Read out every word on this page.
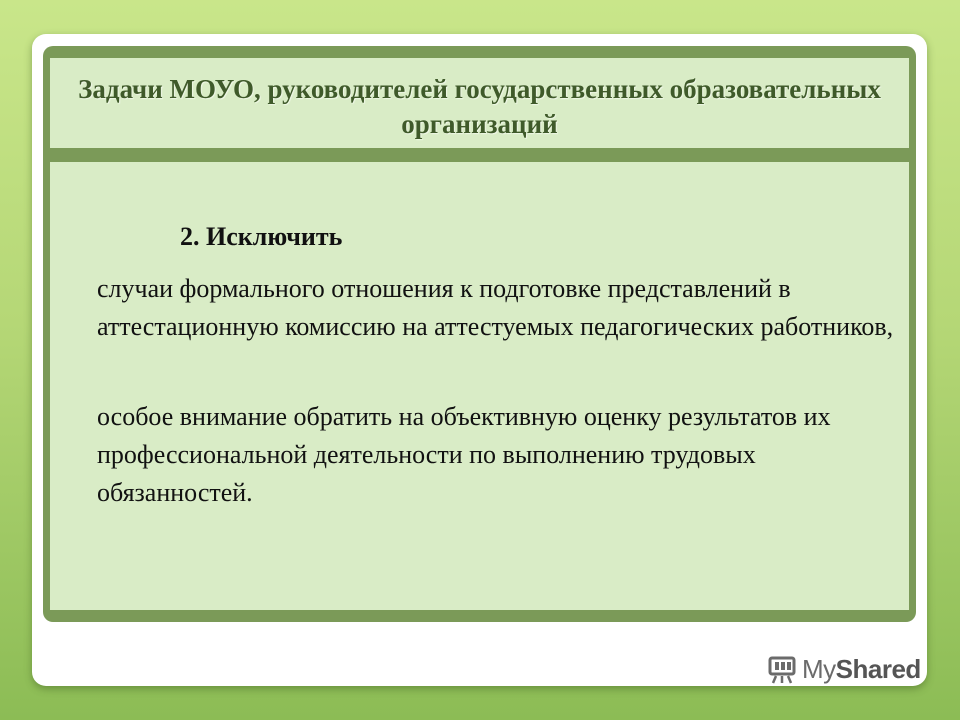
Задачи МОУО, руководителей государственных образовательных организаций

2. Исключить

случаи формального отношения к подготовке представлений в аттестационную комиссию на аттестуемых педагогических работников,

особое внимание обратить на объективную оценку результатов их профессиональной деятельности по выполнению трудовых обязанностей.

MyShared
